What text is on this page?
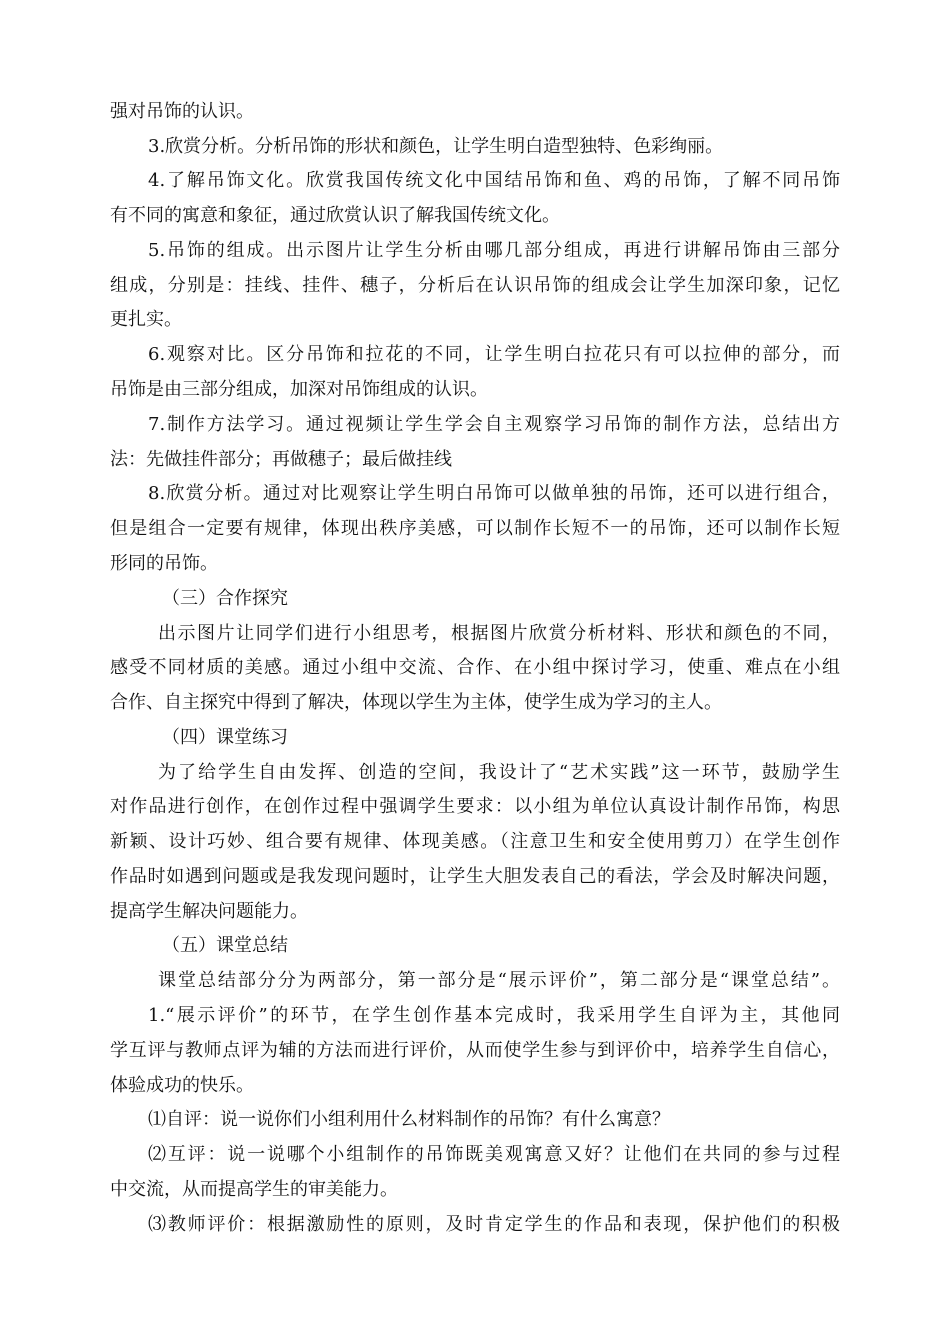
强对吊饰的认识。
3.欣赏分析。分析吊饰的形状和颜色，让学生明白造型独特、色彩绚丽。
4.了解吊饰文化。欣赏我国传统文化中国结吊饰和鱼、鸡的吊饰，了解不同吊饰
有不同的寓意和象征，通过欣赏认识了解我国传统文化。
5.吊饰的组成。出示图片让学生分析由哪几部分组成，再进行讲解吊饰由三部分
组成，分别是：挂线、挂件、穗子，分析后在认识吊饰的组成会让学生加深印象，记忆
更扎实。
6.观察对比。区分吊饰和拉花的不同，让学生明白拉花只有可以拉伸的部分，而
吊饰是由三部分组成，加深对吊饰组成的认识。
7.制作方法学习。通过视频让学生学会自主观察学习吊饰的制作方法，总结出方
法：先做挂件部分；再做穗子；最后做挂线
8.欣赏分析。通过对比观察让学生明白吊饰可以做单独的吊饰，还可以进行组合，
但是组合一定要有规律，体现出秩序美感，可以制作长短不一的吊饰，还可以制作长短
形同的吊饰。
（三）合作探究
出示图片让同学们进行小组思考，根据图片欣赏分析材料、形状和颜色的不同，
感受不同材质的美感。通过小组中交流、合作、在小组中探讨学习，使重、难点在小组
合作、自主探究中得到了解决，体现以学生为主体，使学生成为学习的主人。
（四）课堂练习
为了给学生自由发挥、创造的空间，我设计了“艺术实践”这一环节，鼓励学生
对作品进行创作，在创作过程中强调学生要求：以小组为单位认真设计制作吊饰，构思
新颖、设计巧妙、组合要有规律、体现美感。（注意卫生和安全使用剪刀）在学生创作
作品时如遇到问题或是我发现问题时，让学生大胆发表自己的看法，学会及时解决问题，
提高学生解决问题能力。
（五）课堂总结
课堂总结部分分为两部分，第一部分是“展示评价”，第二部分是“课堂总结”。
1.“展示评价”的环节，在学生创作基本完成时，我采用学生自评为主，其他同
学互评与教师点评为辅的方法而进行评价，从而使学生参与到评价中，培养学生自信心，
体验成功的快乐。
⑴自评：说一说你们小组利用什么材料制作的吊饰？有什么寓意？
⑵互评：说一说哪个小组制作的吊饰既美观寓意又好？让他们在共同的参与过程
中交流，从而提高学生的审美能力。
⑶教师评价：根据激励性的原则，及时肯定学生的作品和表现，保护他们的积极
